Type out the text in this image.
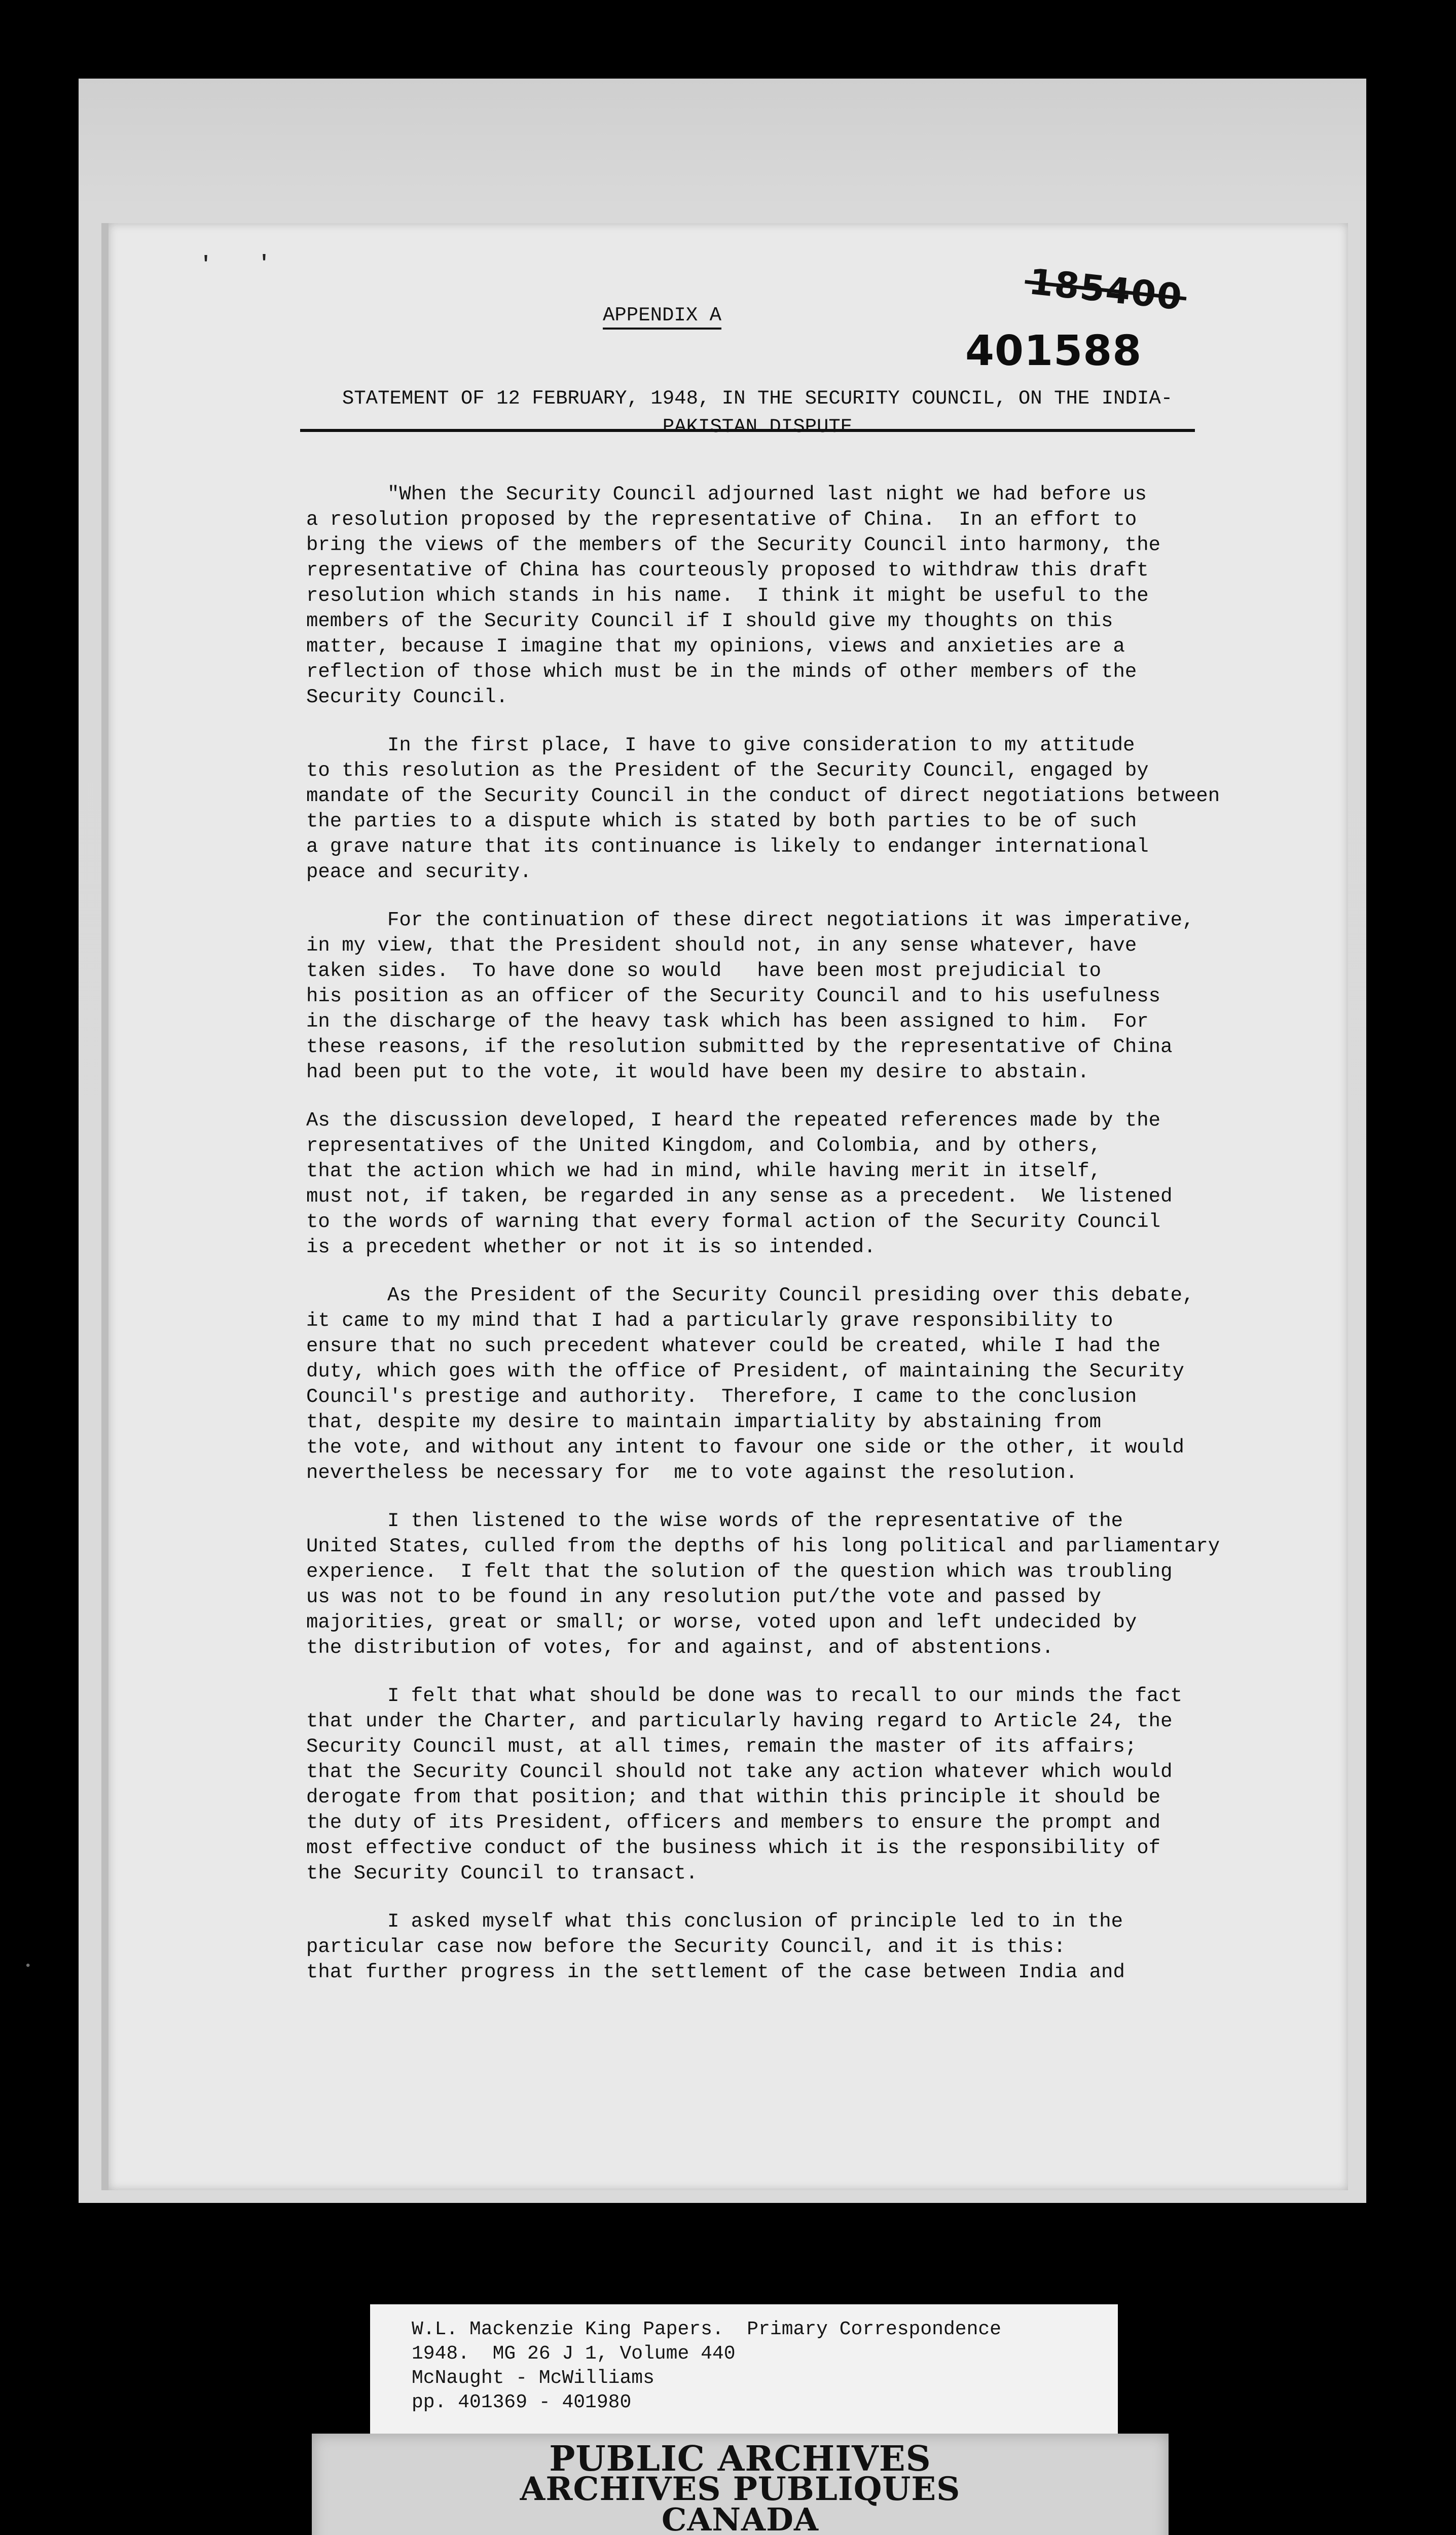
' '	185400
401588
APPENDIX A
STATEMENT OF 12 FEBRUARY, 1948, IN THE SECURITY COUNCIL, ON THE INDIA-
PAKISTAN DISPUTE
"When the Security Council adjourned last night we had before us
a resolution proposed by the representative of China.  In an effort to
bring the views of the members of the Security Council into harmony, the
representative of China has courteously proposed to withdraw this draft
resolution which stands in his name.  I think it might be useful to the
members of the Security Council if I should give my thoughts on this
matter, because I imagine that my opinions, views and anxieties are a
reflection of those which must be in the minds of other members of the
Security Council.
In the first place, I have to give consideration to my attitude
to this resolution as the President of the Security Council, engaged by
mandate of the Security Council in the conduct of direct negotiations between
the parties to a dispute which is stated by both parties to be of such
a grave nature that its continuance is likely to endanger international
peace and security.
For the continuation of these direct negotiations it was imperative,
in my view, that the President should not, in any sense whatever, have
taken sides.  To have done so would   have been most prejudicial to
his position as an officer of the Security Council and to his usefulness
in the discharge of the heavy task which has been assigned to him.  For
these reasons, if the resolution submitted by the representative of China
had been put to the vote, it would have been my desire to abstain.
As the discussion developed, I heard the repeated references made by the
representatives of the United Kingdom, and Colombia, and by others,
that the action which we had in mind, while having merit in itself,
must not, if taken, be regarded in any sense as a precedent.  We listened
to the words of warning that every formal action of the Security Council
is a precedent whether or not it is so intended.
As the President of the Security Council presiding over this debate,
it came to my mind that I had a particularly grave responsibility to
ensure that no such precedent whatever could be created, while I had the
duty, which goes with the office of President, of maintaining the Security
Council's prestige and authority.  Therefore, I came to the conclusion
that, despite my desire to maintain impartiality by abstaining from
the vote, and without any intent to favour one side or the other, it would
nevertheless be necessary for  me to vote against the resolution.
I then listened to the wise words of the representative of the
United States, culled from the depths of his long political and parliamentary
experience.  I felt that the solution of the question which was troubling
us was not to be found in any resolution put/the vote and passed by
majorities, great or small; or worse, voted upon and left undecided by
the distribution of votes, for and against, and of abstentions.
I felt that what should be done was to recall to our minds the fact
that under the Charter, and particularly having regard to Article 24, the
Security Council must, at all times, remain the master of its affairs;
that the Security Council should not take any action whatever which would
derogate from that position; and that within this principle it should be
the duty of its President, officers and members to ensure the prompt and
most effective conduct of the business which it is the responsibility of
the Security Council to transact.
I asked myself what this conclusion of principle led to in the
particular case now before the Security Council, and it is this:
that further progress in the settlement of the case between India and
W.L. Mackenzie King Papers.  Primary Correspondence
1948.  MG 26 J 1, Volume 440
McNaught - McWilliams
pp. 401369 - 401980
PUBLIC ARCHIVES
ARCHIVES PUBLIQUES
CANADA
•
